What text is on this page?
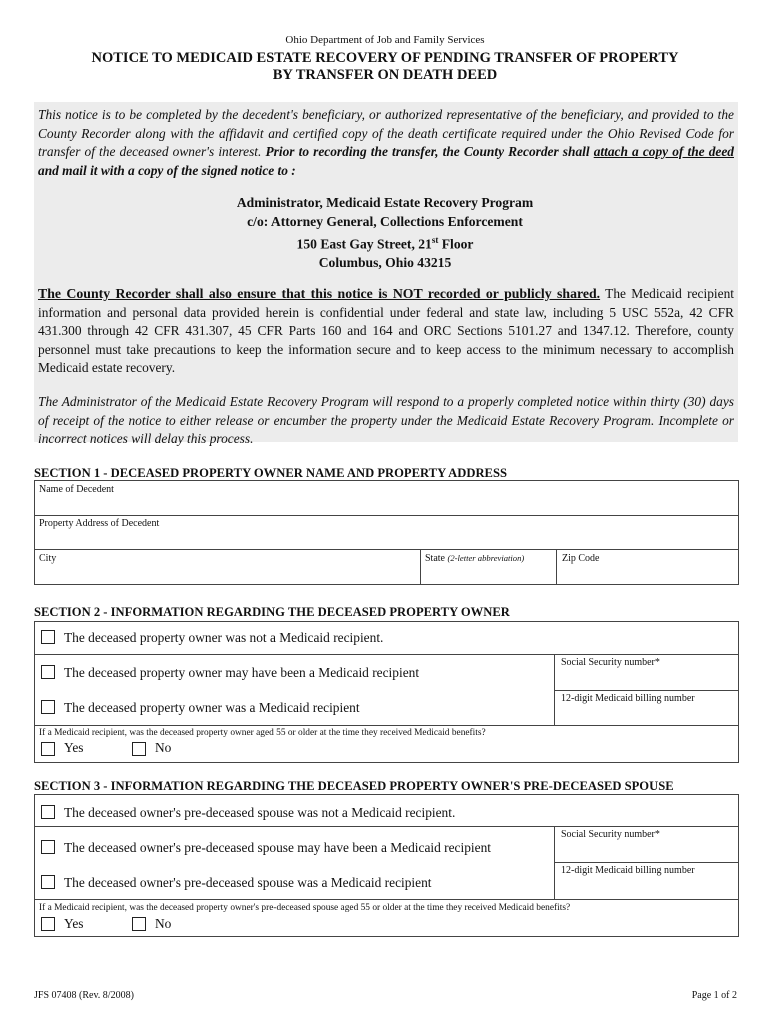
Ohio Department of Job and Family Services
NOTICE TO MEDICAID ESTATE RECOVERY OF PENDING TRANSFER OF PROPERTY
BY TRANSFER ON DEATH DEED
This notice is to be completed by the decedent's beneficiary, or authorized representative of the beneficiary, and provided to the County Recorder along with the affidavit and certified copy of the death certificate required under the Ohio Revised Code for transfer of the deceased owner's interest. Prior to recording the transfer, the County Recorder shall attach a copy of the deed and mail it with a copy of the signed notice to :
Administrator, Medicaid Estate Recovery Program
c/o: Attorney General, Collections Enforcement
150 East Gay Street, 21st Floor
Columbus, Ohio 43215
The County Recorder shall also ensure that this notice is NOT recorded or publicly shared. The Medicaid recipient information and personal data provided herein is confidential under federal and state law, including 5 USC 552a, 42 CFR 431.300 through 42 CFR 431.307, 45 CFR Parts 160 and 164 and ORC Sections 5101.27 and 1347.12. Therefore, county personnel must take precautions to keep the information secure and to keep access to the minimum necessary to accomplish Medicaid estate recovery.
The Administrator of the Medicaid Estate Recovery Program will respond to a properly completed notice within thirty (30) days of receipt of the notice to either release or encumber the property under the Medicaid Estate Recovery Program. Incomplete or incorrect notices will delay this process.
SECTION 1 - DECEASED PROPERTY OWNER NAME AND PROPERTY ADDRESS
Name of Decedent
Property Address of Decedent
City	State (2-letter abbreviation)	Zip Code
SECTION 2 - INFORMATION REGARDING THE DECEASED PROPERTY OWNER
The deceased property owner was not a Medicaid recipient.
The deceased property owner may have been a Medicaid recipient
The deceased property owner was a Medicaid recipient
Social Security number*
12-digit Medicaid billing number
If a Medicaid recipient, was the deceased property owner aged 55 or older at the time they received Medicaid benefits?
Yes	No
SECTION 3 - INFORMATION REGARDING THE DECEASED PROPERTY OWNER'S PRE-DECEASED SPOUSE
The deceased owner's pre-deceased spouse was not a Medicaid recipient.
The deceased owner's pre-deceased spouse may have been a Medicaid recipient
The deceased owner's pre-deceased spouse was a Medicaid recipient
Social Security number*
12-digit Medicaid billing number
If a Medicaid recipient, was the deceased property owner's pre-deceased spouse aged 55 or older at the time they received Medicaid benefits?
Yes	No
JFS 07408 (Rev. 8/2008)	Page 1 of 2
